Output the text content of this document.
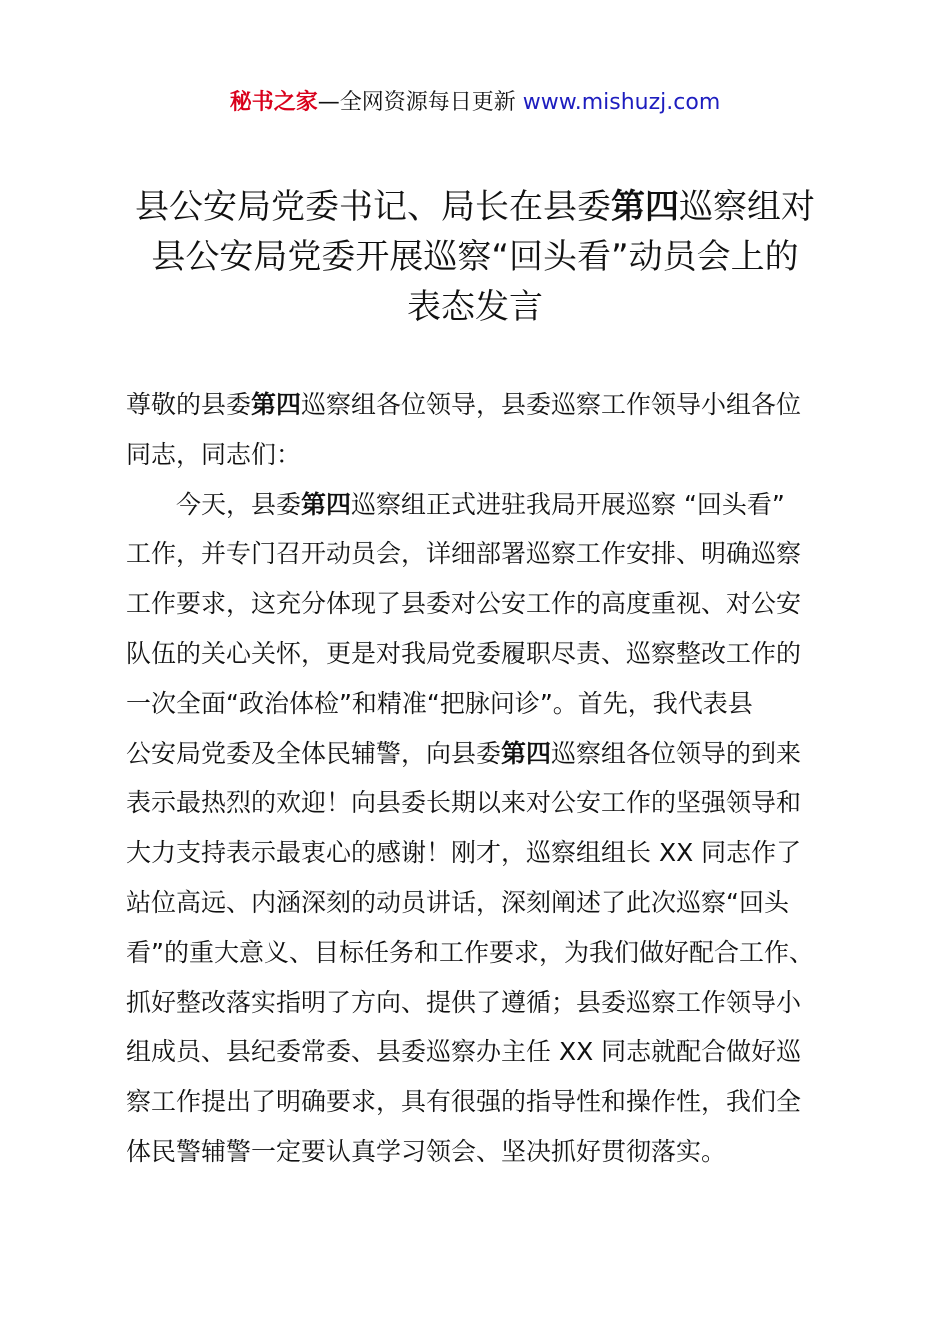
秘书之家—全网资源每日更新 www.mishuzj.com
县公安局党委书记、局长在县委第四巡察组对
县公安局党委开展巡察“回头看”动员会上的
表态发言
尊敬的县委第四巡察组各位领导，县委巡察工作领导小组各位
同志，同志们：
今天，县委第四巡察组正式进驻我局开展巡察 “回头看”
工作，并专门召开动员会，详细部署巡察工作安排、明确巡察
工作要求，这充分体现了县委对公安工作的高度重视、对公安
队伍的关心关怀，更是对我局党委履职尽责、巡察整改工作的
一次全面“政治体检”和精准“把脉问诊”。首先，我代表县
公安局党委及全体民辅警，向县委第四巡察组各位领导的到来
表示最热烈的欢迎！向县委长期以来对公安工作的坚强领导和
大力支持表示最衷心的感谢！刚才，巡察组组长 XX 同志作了
站位高远、内涵深刻的动员讲话，深刻阐述了此次巡察“回头
看”的重大意义、目标任务和工作要求，为我们做好配合工作、
抓好整改落实指明了方向、提供了遵循；县委巡察工作领导小
组成员、县纪委常委、县委巡察办主任 XX 同志就配合做好巡
察工作提出了明确要求，具有很强的指导性和操作性，我们全
体民警辅警一定要认真学习领会、坚决抓好贯彻落实。
